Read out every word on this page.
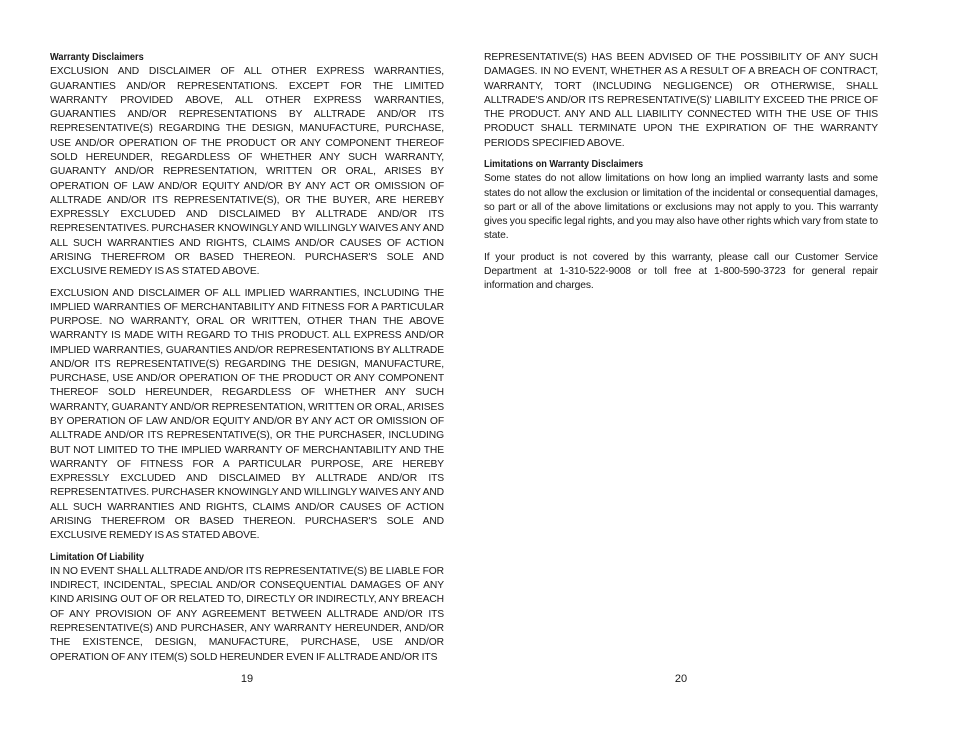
Warranty Disclaimers

EXCLUSION AND DISCLAIMER OF ALL OTHER EXPRESS WARRANTIES, GUARANTIES AND/OR REPRESENTATIONS. EXCEPT FOR THE LIMITED WARRANTY PROVIDED ABOVE, ALL OTHER EXPRESS WARRANTIES, GUARANTIES AND/OR REPRESENTATIONS BY ALLTRADE AND/OR ITS REPRESENTATIVE(S) REGARDING THE DESIGN, MANUFACTURE, PURCHASE, USE AND/OR OPERATION OF THE PRODUCT OR ANY COMPONENT THEREOF SOLD HEREUNDER, REGARDLESS OF WHETHER ANY SUCH WARRANTY, GUARANTY AND/OR REPRESENTATION, WRITTEN OR ORAL, ARISES BY OPERATION OF LAW AND/OR EQUITY AND/OR BY ANY ACT OR OMISSION OF ALLTRADE AND/OR ITS REPRESENTATIVE(S), OR THE BUYER, ARE HEREBY EXPRESSLY EXCLUDED AND DISCLAIMED BY ALLTRADE AND/OR ITS REPRESENTATIVES. PURCHASER KNOWINGLY AND WILLINGLY WAIVES ANY AND ALL SUCH WARRANTIES AND RIGHTS, CLAIMS AND/OR CAUSES OF ACTION ARISING THEREFROM OR BASED THEREON. PURCHASER'S SOLE AND EXCLUSIVE REMEDY IS AS STATED ABOVE.

EXCLUSION AND DISCLAIMER OF ALL IMPLIED WARRANTIES, INCLUDING THE IMPLIED WARRANTIES OF MERCHANTABILITY AND FITNESS FOR A PARTICULAR PURPOSE. NO WARRANTY, ORAL OR WRITTEN, OTHER THAN THE ABOVE WARRANTY IS MADE WITH REGARD TO THIS PRODUCT. ALL EXPRESS AND/OR IMPLIED WARRANTIES, GUARANTIES AND/OR REPRESENTATIONS BY ALLTRADE AND/OR ITS REPRESENTATIVE(S) REGARDING THE DESIGN, MANUFACTURE, PURCHASE, USE AND/OR OPERATION OF THE PRODUCT OR ANY COMPONENT THEREOF SOLD HEREUNDER, REGARDLESS OF WHETHER ANY SUCH WARRANTY, GUARANTY AND/OR REPRESENTATION, WRITTEN OR ORAL, ARISES BY OPERATION OF LAW AND/OR EQUITY AND/OR BY ANY ACT OR OMISSION OF ALLTRADE AND/OR ITS REPRESENTATIVE(S), OR THE PURCHASER, INCLUDING BUT NOT LIMITED TO THE IMPLIED WARRANTY OF MERCHANTABILITY AND THE WARRANTY OF FITNESS FOR A PARTICULAR PURPOSE, ARE HEREBY EXPRESSLY EXCLUDED AND DISCLAIMED BY ALLTRADE AND/OR ITS REPRESENTATIVES. PURCHASER KNOWINGLY AND WILLINGLY WAIVES ANY AND ALL SUCH WARRANTIES AND RIGHTS, CLAIMS AND/OR CAUSES OF ACTION ARISING THEREFROM OR BASED THEREON. PURCHASER'S SOLE AND EXCLUSIVE REMEDY IS AS STATED ABOVE.

Limitation Of Liability

IN NO EVENT SHALL ALLTRADE AND/OR ITS REPRESENTATIVE(S) BE LIABLE FOR INDIRECT, INCIDENTAL, SPECIAL AND/OR CONSEQUENTIAL DAMAGES OF ANY KIND ARISING OUT OF OR RELATED TO, DIRECTLY OR INDIRECTLY, ANY BREACH OF ANY PROVISION OF ANY AGREEMENT BETWEEN ALLTRADE AND/OR ITS REPRESENTATIVE(S) AND PURCHASER, ANY WARRANTY HEREUNDER, AND/OR THE EXISTENCE, DESIGN, MANUFACTURE, PURCHASE, USE AND/OR OPERATION OF ANY ITEM(S) SOLD HEREUNDER EVEN IF ALLTRADE AND/OR ITS

19

REPRESENTATIVE(S) HAS BEEN ADVISED OF THE POSSIBILITY OF ANY SUCH DAMAGES. IN NO EVENT, WHETHER AS A RESULT OF A BREACH OF CONTRACT, WARRANTY, TORT (INCLUDING NEGLIGENCE) OR OTHERWISE, SHALL ALLTRADE'S AND/OR ITS REPRESENTATIVE(S)' LIABILITY EXCEED THE PRICE OF THE PRODUCT. ANY AND ALL LIABILITY CONNECTED WITH THE USE OF THIS PRODUCT SHALL TERMINATE UPON THE EXPIRATION OF THE WARRANTY PERIODS SPECIFIED ABOVE.

Limitations on Warranty Disclaimers

Some states do not allow limitations on how long an implied warranty lasts and some states do not allow the exclusion or limitation of the incidental or consequential damages, so part or all of the above limitations or exclusions may not apply to you. This warranty gives you specific legal rights, and you may also have other rights which vary from state to state.

If your product is not covered by this warranty, please call our Customer Service Department at 1-310-522-9008 or toll free at 1-800-590-3723 for general repair information and charges.

20
